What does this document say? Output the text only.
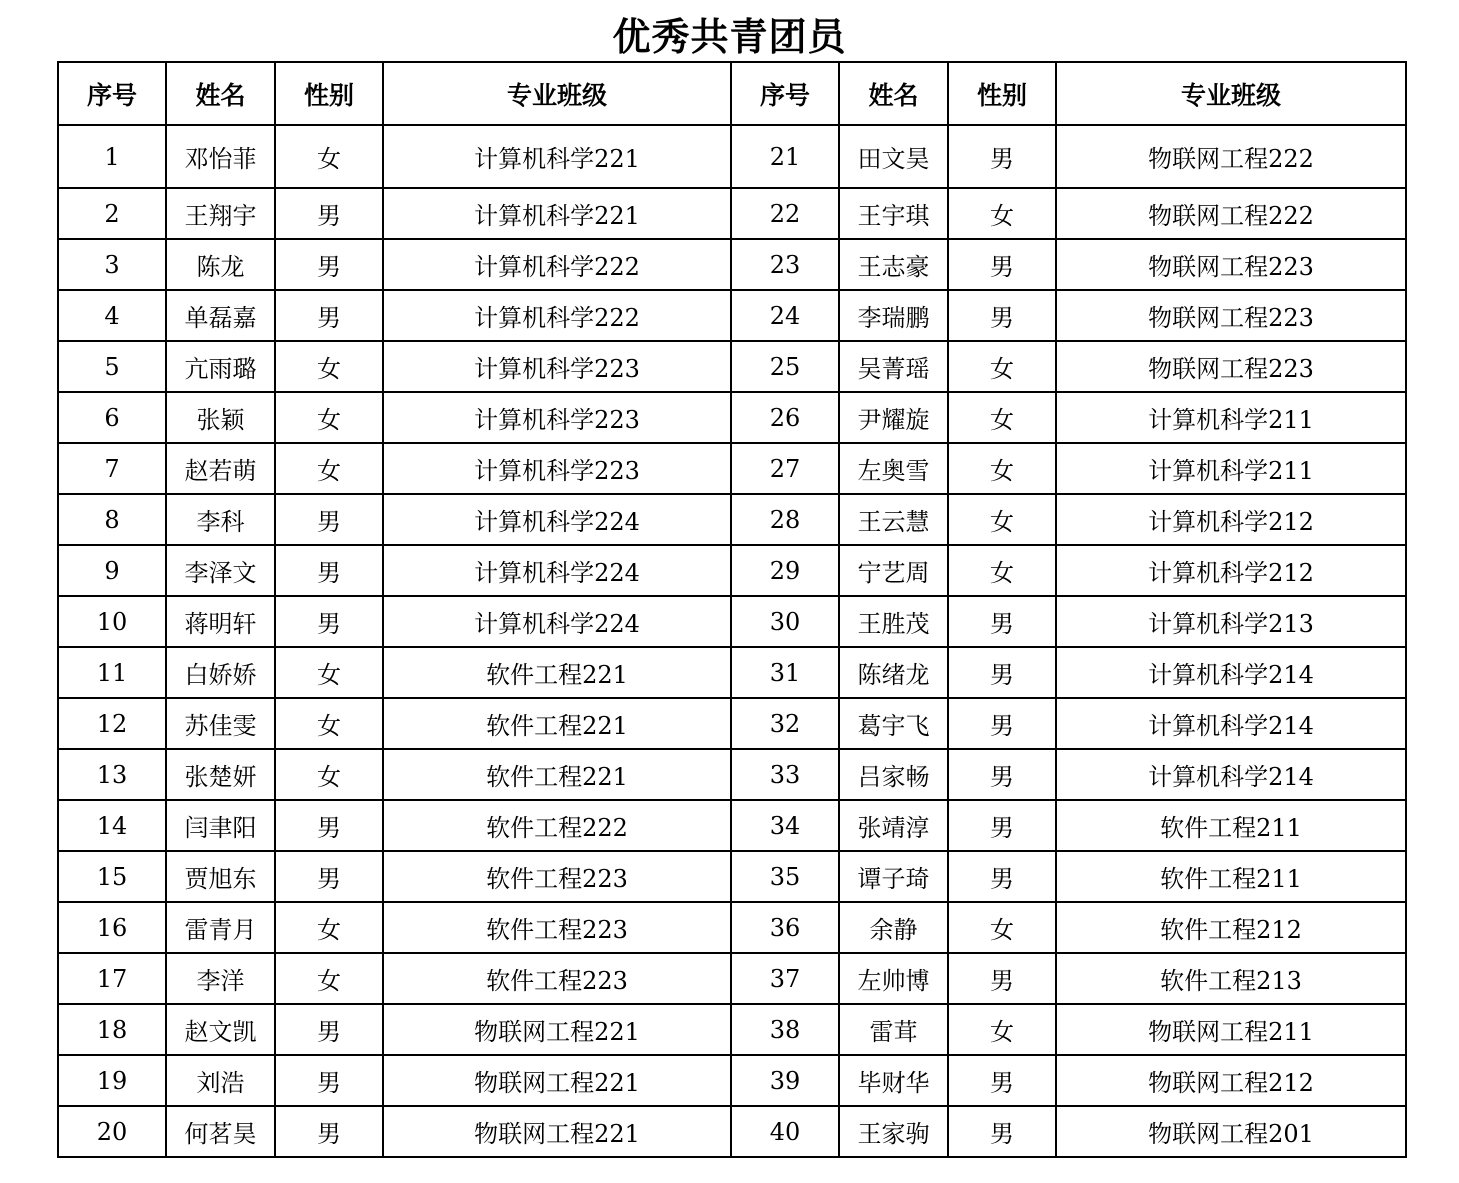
优秀共青团员
序号	姓名	性别	专业班级	序号	姓名	性别	专业班级
1	邓怡菲	女	计算机科学221	21	田文昊	男	物联网工程222
2	王翔宇	男	计算机科学221	22	王宇琪	女	物联网工程222
3	陈龙	男	计算机科学222	23	王志豪	男	物联网工程223
4	单磊嘉	男	计算机科学222	24	李瑞鹏	男	物联网工程223
5	亢雨璐	女	计算机科学223	25	吴菁瑶	女	物联网工程223
6	张颖	女	计算机科学223	26	尹耀旋	女	计算机科学211
7	赵若萌	女	计算机科学223	27	左奥雪	女	计算机科学211
8	李科	男	计算机科学224	28	王云慧	女	计算机科学212
9	李泽文	男	计算机科学224	29	宁艺周	女	计算机科学212
10	蒋明轩	男	计算机科学224	30	王胜茂	男	计算机科学213
11	白娇娇	女	软件工程221	31	陈绪龙	男	计算机科学214
12	苏佳雯	女	软件工程221	32	葛宇飞	男	计算机科学214
13	张楚妍	女	软件工程221	33	吕家畅	男	计算机科学214
14	闫聿阳	男	软件工程222	34	张靖淳	男	软件工程211
15	贾旭东	男	软件工程223	35	谭子琦	男	软件工程211
16	雷青月	女	软件工程223	36	余静	女	软件工程212
17	李洋	女	软件工程223	37	左帅博	男	软件工程213
18	赵文凯	男	物联网工程221	38	雷茸	女	物联网工程211
19	刘浩	男	物联网工程221	39	毕财华	男	物联网工程212
20	何茗昊	男	物联网工程221	40	王家驹	男	物联网工程201
